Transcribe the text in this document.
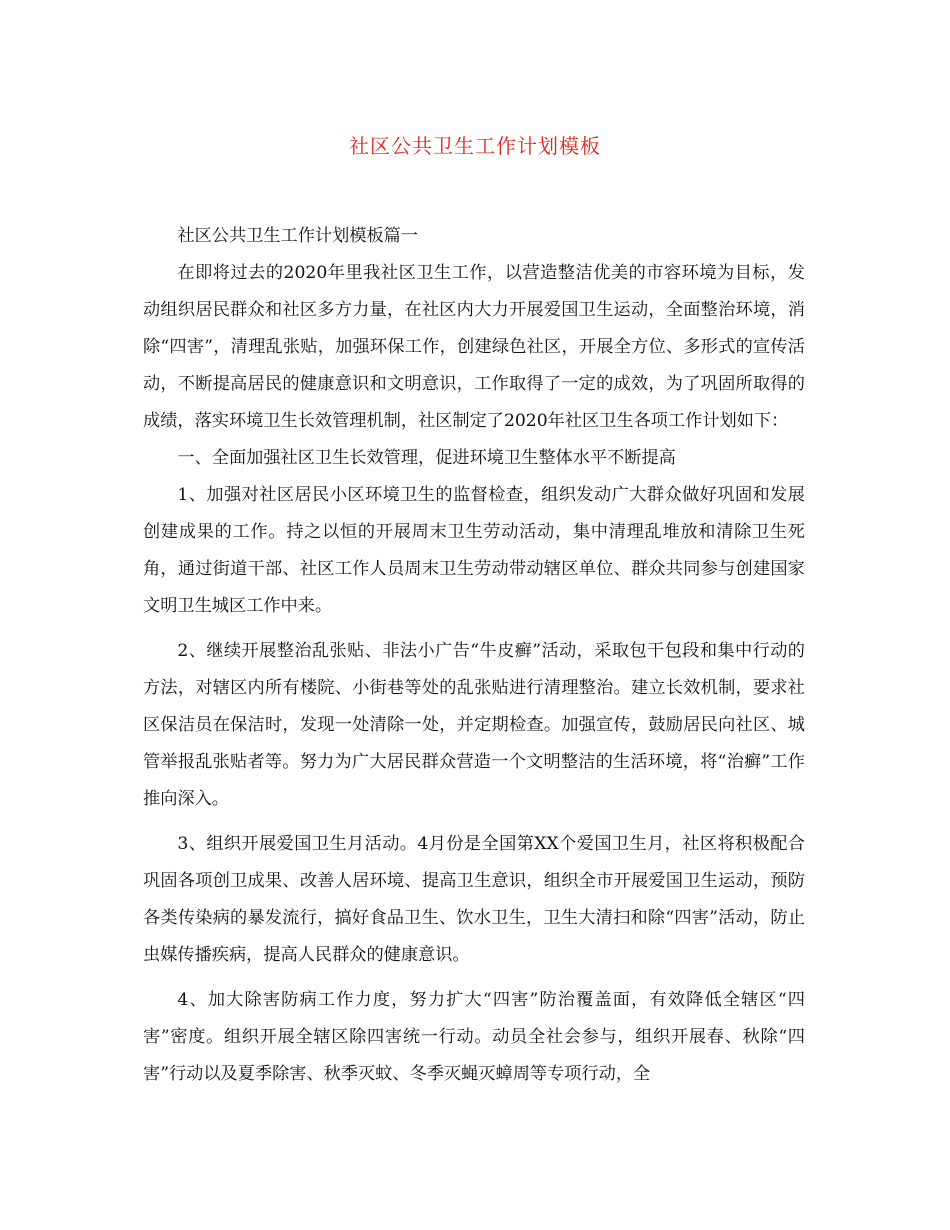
社区公共卫生工作计划模板

社区公共卫生工作计划模板篇一

在即将过去的2020年里我社区卫生工作，以营造整洁优美的市容环境为目标，发动组织居民群众和社区多方力量，在社区内大力开展爱国卫生运动，全面整治环境，消除“四害”，清理乱张贴，加强环保工作，创建绿色社区，开展全方位、多形式的宣传活动，不断提高居民的健康意识和文明意识，工作取得了一定的成效，为了巩固所取得的成绩，落实环境卫生长效管理机制，社区制定了2020年社区卫生各项工作计划如下：

一、全面加强社区卫生长效管理，促进环境卫生整体水平不断提高

1、加强对社区居民小区环境卫生的监督检查，组织发动广大群众做好巩固和发展创建成果的工作。持之以恒的开展周末卫生劳动活动，集中清理乱堆放和清除卫生死角，通过街道干部、社区工作人员周末卫生劳动带动辖区单位、群众共同参与创建国家文明卫生城区工作中来。

2、继续开展整治乱张贴、非法小广告“牛皮癣”活动，采取包干包段和集中行动的方法，对辖区内所有楼院、小街巷等处的乱张贴进行清理整治。建立长效机制，要求社区保洁员在保洁时，发现一处清除一处，并定期检查。加强宣传，鼓励居民向社区、城管举报乱张贴者等。努力为广大居民群众营造一个文明整洁的生活环境，将“治癣”工作推向深入。

3、组织开展爱国卫生月活动。4月份是全国第XX个爱国卫生月，社区将积极配合巩固各项创卫成果、改善人居环境、提高卫生意识，组织全市开展爱国卫生运动，预防各类传染病的暴发流行，搞好食品卫生、饮水卫生，卫生大清扫和除“四害”活动，防止虫媒传播疾病，提高人民群众的健康意识。

4、加大除害防病工作力度，努力扩大“四害”防治覆盖面，有效降低全辖区“四害”密度。组织开展全辖区除四害统一行动。动员全社会参与，组织开展春、秋除“四害”行动以及夏季除害、秋季灭蚊、冬季灭蝇灭蟑周等专项行动，全
